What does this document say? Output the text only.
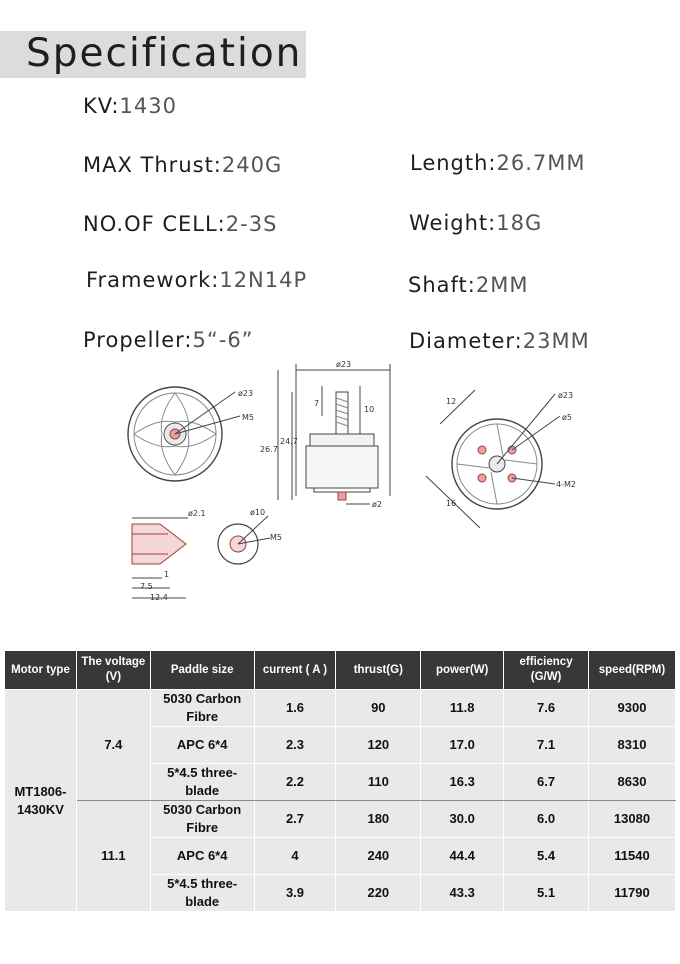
Specification
KV:1430
MAX Thrust:240G
NO.OF CELL:2-3S
Framework:12N14P
Propeller:5“-6”
Length:26.7MM
Weight:18G
Shaft:2MM
Diameter:23MM
ø23
M5
ø23
7
10
26.7
24.7
ø2
12
ø23
ø5
16
4-M2
ø2.1
1
7.5
12.4
ø10
M5
Motor type	The voltage (V)	Paddle size	current ( A )	thrust(G)	power(W)	efficiency (G/W)	speed(RPM)
MT1806-1430KV	7.4	5030 Carbon Fibre	1.6	90	11.8	7.6	9300
		APC 6*4	2.3	120	17.0	7.1	8310
		5*4.5 three-blade	2.2	110	16.3	6.7	8630
	11.1	5030 Carbon Fibre	2.7	180	30.0	6.0	13080
		APC 6*4	4	240	44.4	5.4	11540
		5*4.5 three-blade	3.9	220	43.3	5.1	11790
